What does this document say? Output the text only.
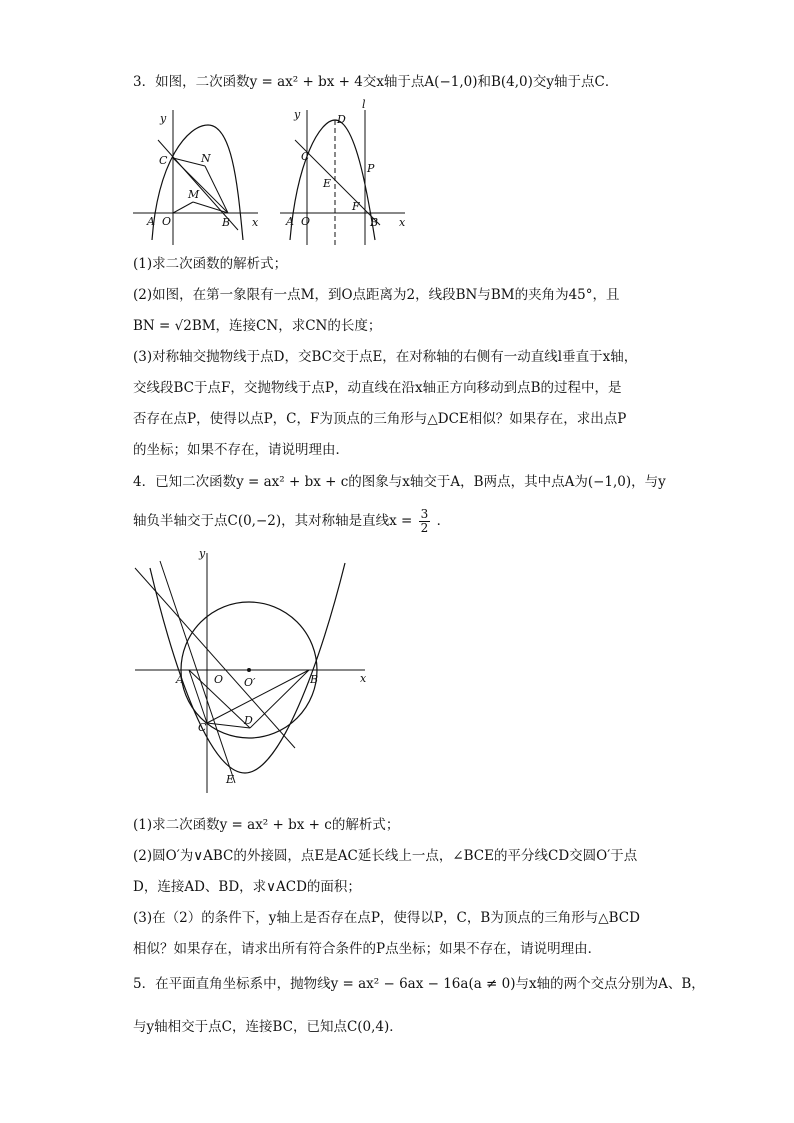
3．如图，二次函数y = ax² + bx + 4交x轴于点A(−1,0)和B(4,0)交y轴于点C．
y
x
A O	B
C	N
M
y
x
l
A O	B
C
D
E
P
F
(1)求二次函数的解析式；
(2)如图，在第一象限有一点M，到O点距离为2，线段BN与BM的夹角为45°，且
BN = √2BM，连接CN，求CN的长度；
(3)对称轴交抛物线于点D，交BC交于点E，在对称轴的右侧有一动直线l垂直于x轴，
交线段BC于点F，交抛物线于点P，动直线在沿x轴正方向移动到点B的过程中，是
否存在点P，使得以点P，C，F为顶点的三角形与△DCE相似？如果存在，求出点P
的坐标；如果不存在，请说明理由．
4．已知二次函数y = ax² + bx + c的图象与x轴交于A，B两点，其中点A为(−1,0)，与y
轴负半轴交于点C(0,−2)，其对称轴是直线$x = \frac{3}{2}$ ．
y
x
A	O O′	B
C
D
E
(1)求二次函数y = ax² + bx + c的解析式；
(2)圆O′为∨ABC的外接圆，点E是AC延长线上一点，∠BCE的平分线CD交圆O′于点
D，连接AD、BD，求∨ACD的面积；
(3)在（2）的条件下，y轴上是否存在点P，使得以P，C，B为顶点的三角形与△BCD
相似？如果存在，请求出所有符合条件的P点坐标；如果不存在，请说明理由．
5．在平面直角坐标系中，抛物线y = ax² − 6ax − 16a(a ≠ 0)与x轴的两个交点分别为A、B，
与y轴相交于点C，连接BC，已知点C(0,4)．
